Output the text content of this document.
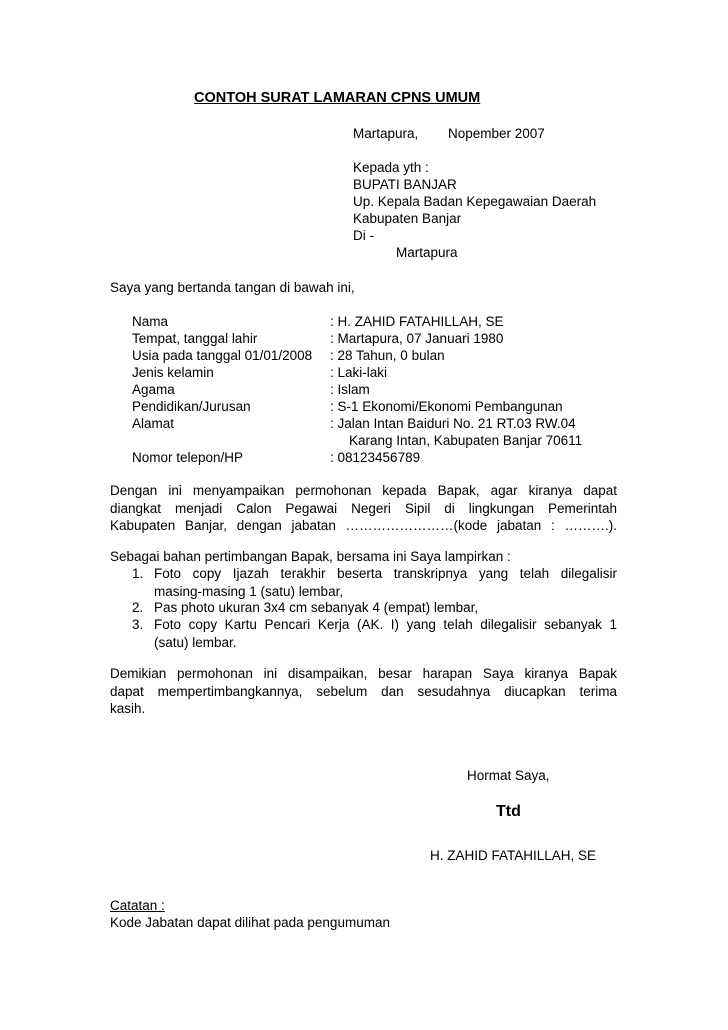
CONTOH SURAT LAMARAN CPNS UMUM
Martapura, Nopember 2007
Kepada yth :
BUPATI BANJAR
Up. Kepala Badan Kepegawaian Daerah
Kabupaten Banjar
Di -
Martapura
Saya yang bertanda tangan di bawah ini,
Nama	: H. ZAHID FATAHILLAH, SE
Tempat, tanggal lahir	: Martapura, 07 Januari 1980
Usia pada tanggal 01/01/2008 : 28 Tahun, 0 bulan
Jenis kelamin	: Laki-laki
Agama	: Islam
Pendidikan/Jurusan	: S-1 Ekonomi/Ekonomi Pembangunan
Alamat	: Jalan Intan Baiduri No. 21 RT.03 RW.04
Karang Intan, Kabupaten Banjar 70611
Nomor telepon/HP	: 08123456789
Dengan ini menyampaikan permohonan kepada Bapak, agar kiranya dapat
diangkat menjadi Calon Pegawai Negeri Sipil di lingkungan Pemerintah
Kabupaten Banjar, dengan jabatan ……………………(kode jabatan : ……….).
Sebagai bahan pertimbangan Bapak, bersama ini Saya lampirkan :
1. Foto copy Ijazah terakhir beserta transkripnya yang telah dilegalisir
masing-masing 1 (satu) lembar,
2. Pas photo ukuran 3x4 cm sebanyak 4 (empat) lembar,
3. Foto copy Kartu Pencari Kerja (AK. I) yang telah dilegalisir sebanyak 1
(satu) lembar.
Demikian permohonan ini disampaikan, besar harapan Saya kiranya Bapak
dapat mempertimbangkannya, sebelum dan sesudahnya diucapkan terima
kasih.
Hormat Saya,
Ttd
H. ZAHID FATAHILLAH, SE
Catatan :
Kode Jabatan dapat dilihat pada pengumuman
